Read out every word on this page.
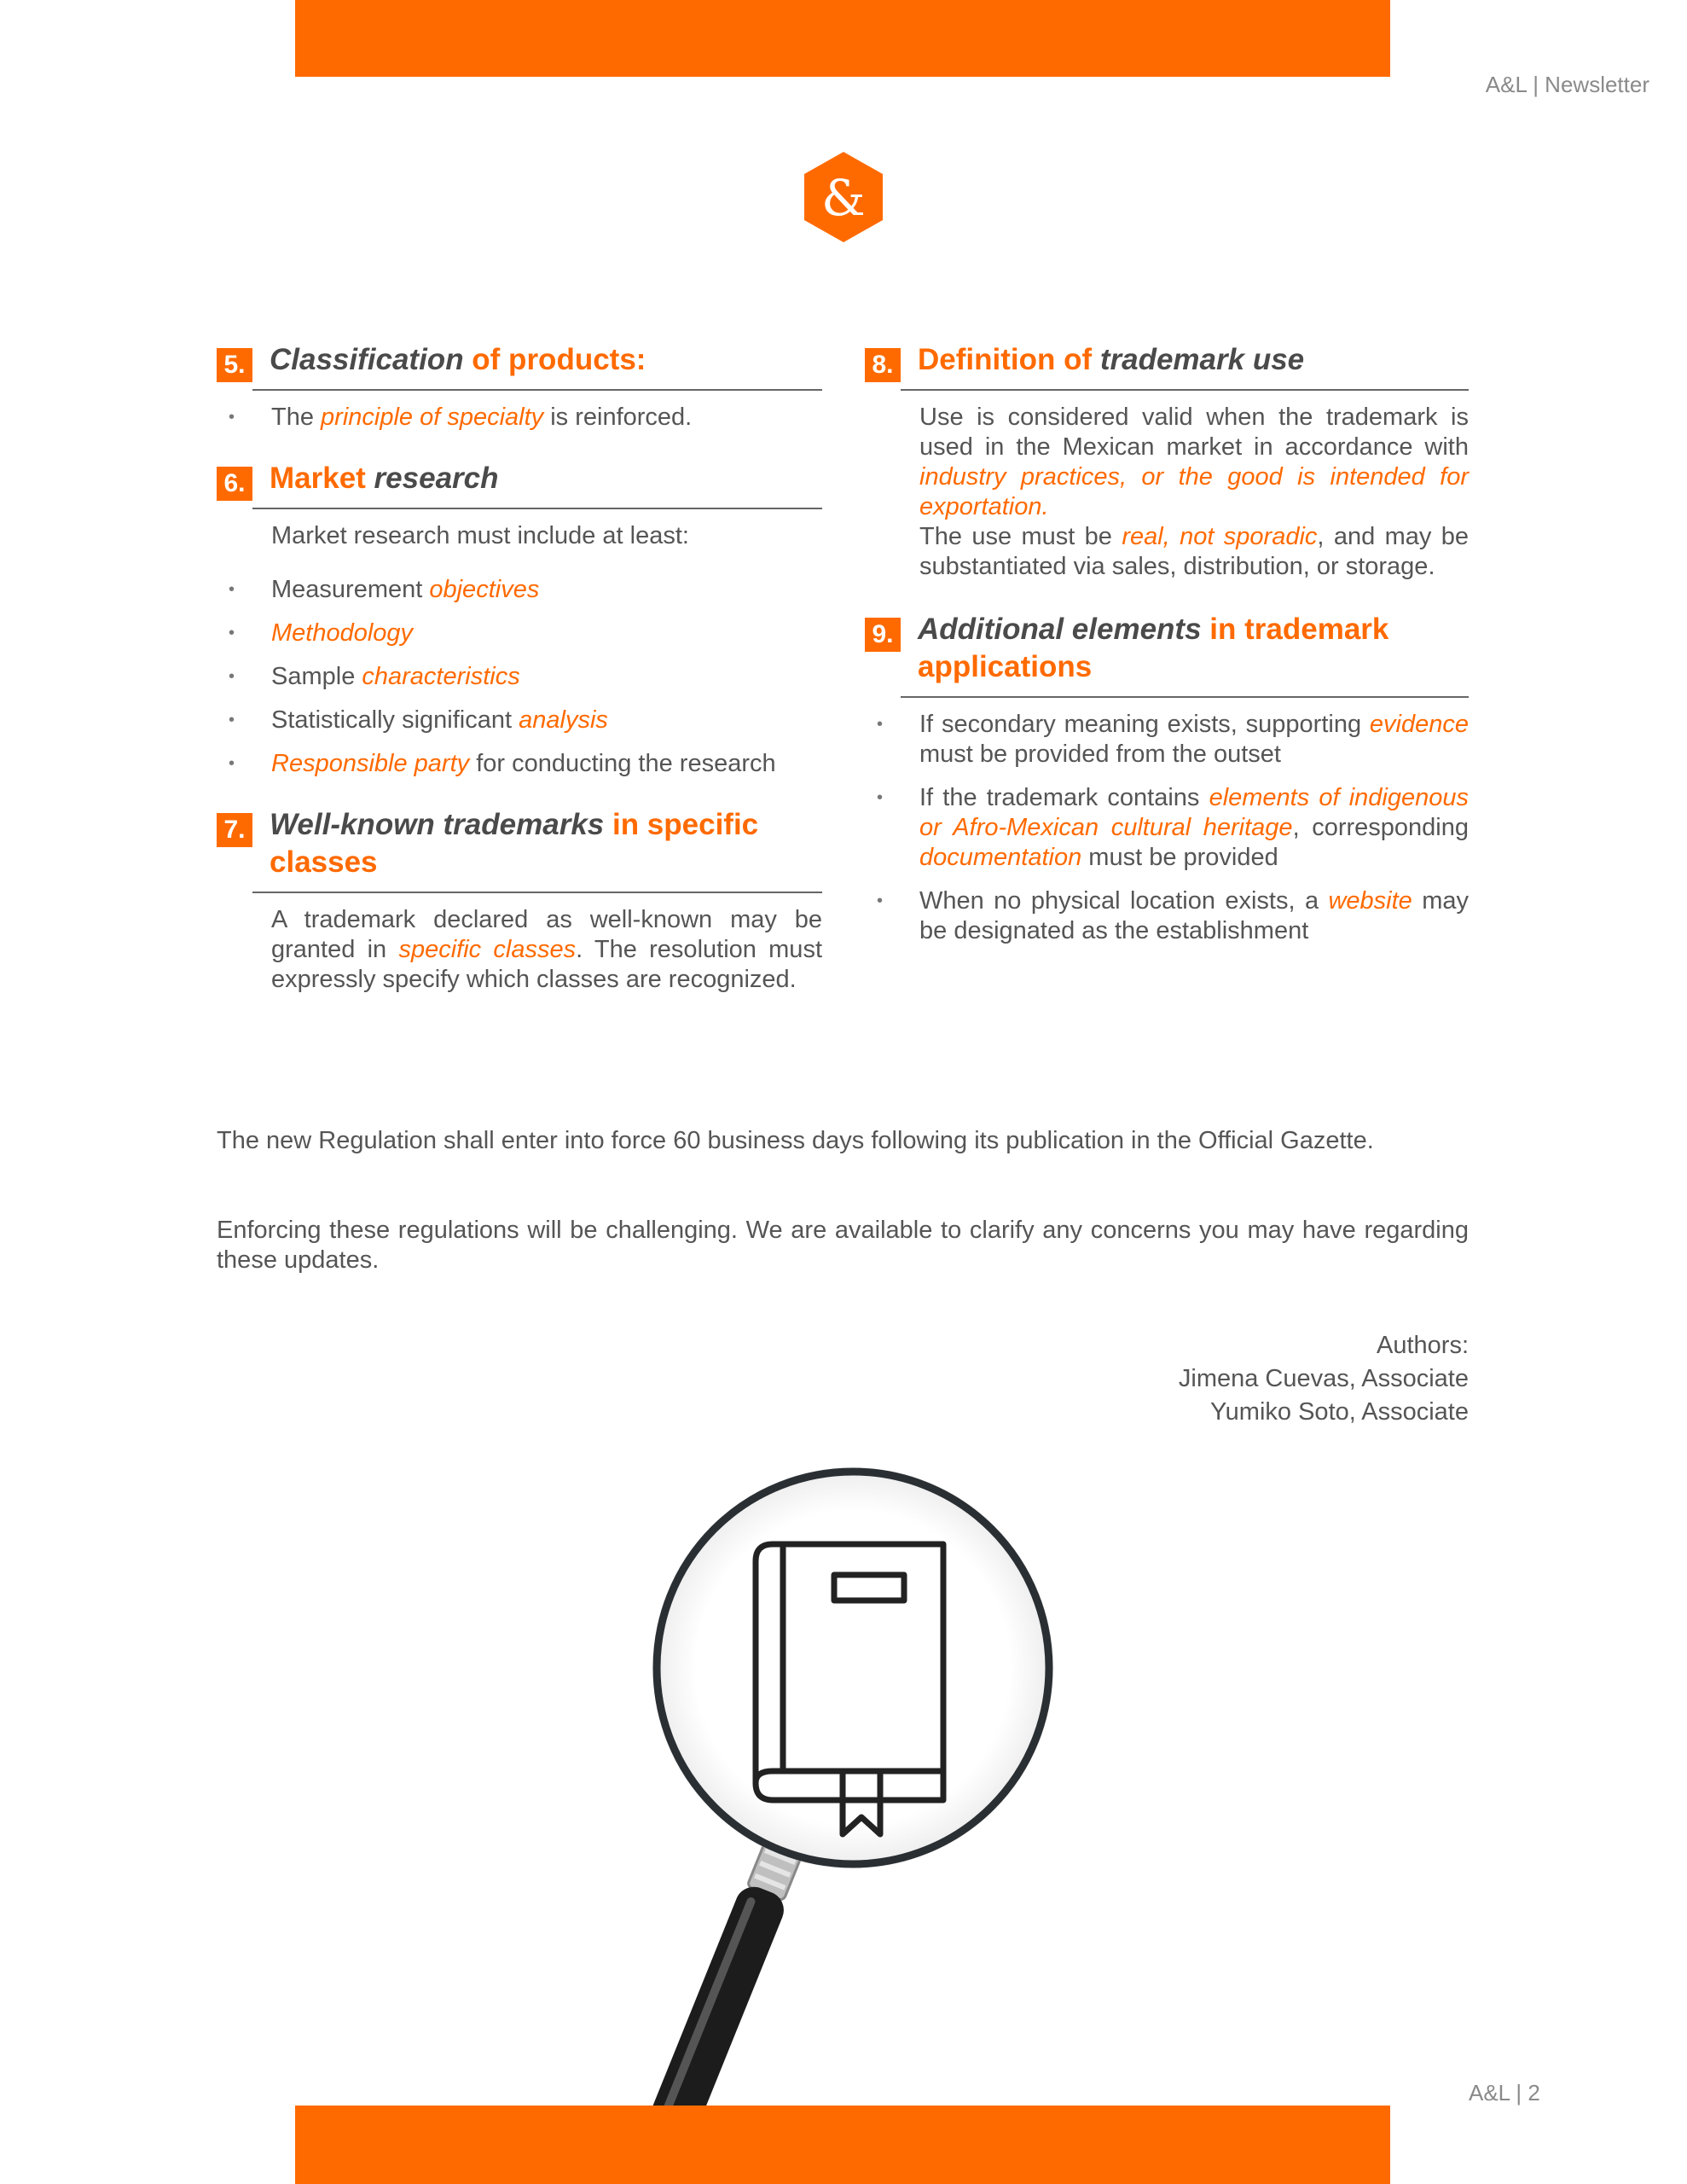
A&L | Newsletter
&
5. Classification of products:
• The principle of specialty is reinforced.
6. Market research
Market research must include at least:
• Measurement objectives
• Methodology
• Sample characteristics
• Statistically significant analysis
• Responsible party for conducting the research
7. Well-known trademarks in specific classes
A trademark declared as well-known may be granted in specific classes. The resolution must expressly specify which classes are recognized.
8. Definition of trademark use
Use is considered valid when the trademark is used in the Mexican market in accordance with industry practices, or the good is intended for exportation.
The use must be real, not sporadic, and may be substantiated via sales, distribution, or storage.
9. Additional elements in trademark applications
• If secondary meaning exists, supporting evidence must be provided from the outset
• If the trademark contains elements of indigenous or Afro-Mexican cultural heritage, corresponding documentation must be provided
• When no physical location exists, a website may be designated as the establishment
The new Regulation shall enter into force 60 business days following its publication in the Official Gazette.
Enforcing these regulations will be challenging. We are available to clarify any concerns you may have regarding these updates.
Authors:
Jimena Cuevas, Associate
Yumiko Soto, Associate
A&L | 2
